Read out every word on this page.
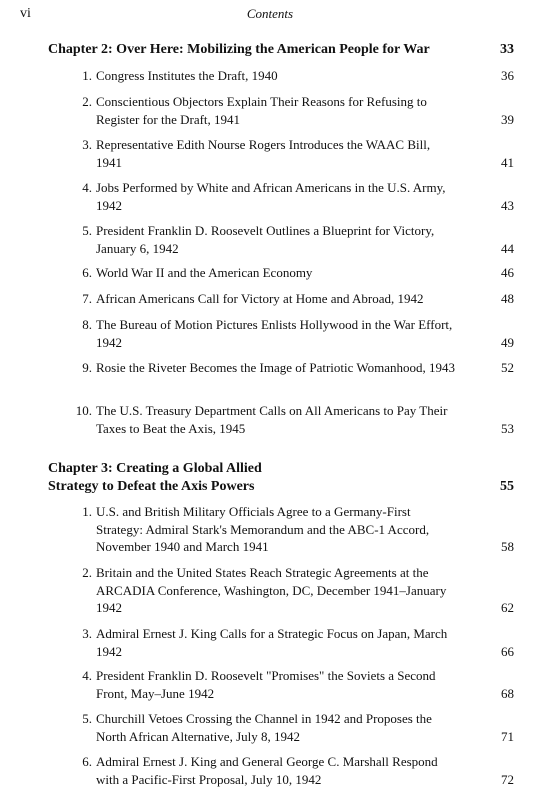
vi	Contents
Chapter 2: Over Here: Mobilizing the American People for War	33
1. Congress Institutes the Draft, 1940	36
2. Conscientious Objectors Explain Their Reasons for Refusing to Register for the Draft, 1941	39
3. Representative Edith Nourse Rogers Introduces the WAAC Bill, 1941	41
4. Jobs Performed by White and African Americans in the U.S. Army, 1942	43
5. President Franklin D. Roosevelt Outlines a Blueprint for Victory, January 6, 1942	44
6. World War II and the American Economy	46
7. African Americans Call for Victory at Home and Abroad, 1942	48
8. The Bureau of Motion Pictures Enlists Hollywood in the War Effort, 1942	49
9. Rosie the Riveter Becomes the Image of Patriotic Womanhood, 1943	52
10. The U.S. Treasury Department Calls on All Americans to Pay Their Taxes to Beat the Axis, 1945	53
Chapter 3: Creating a Global Allied Strategy to Defeat the Axis Powers	55
1. U.S. and British Military Officials Agree to a Germany-First Strategy: Admiral Stark's Memorandum and the ABC-1 Accord, November 1940 and March 1941	58
2. Britain and the United States Reach Strategic Agreements at the ARCADIA Conference, Washington, DC, December 1941–January 1942	62
3. Admiral Ernest J. King Calls for a Strategic Focus on Japan, March 1942	66
4. President Franklin D. Roosevelt "Promises" the Soviets a Second Front, May–June 1942	68
5. Churchill Vetoes Crossing the Channel in 1942 and Proposes the North African Alternative, July 8, 1942	71
6. Admiral Ernest J. King and General George C. Marshall Respond with a Pacific-First Proposal, July 10, 1942	72
